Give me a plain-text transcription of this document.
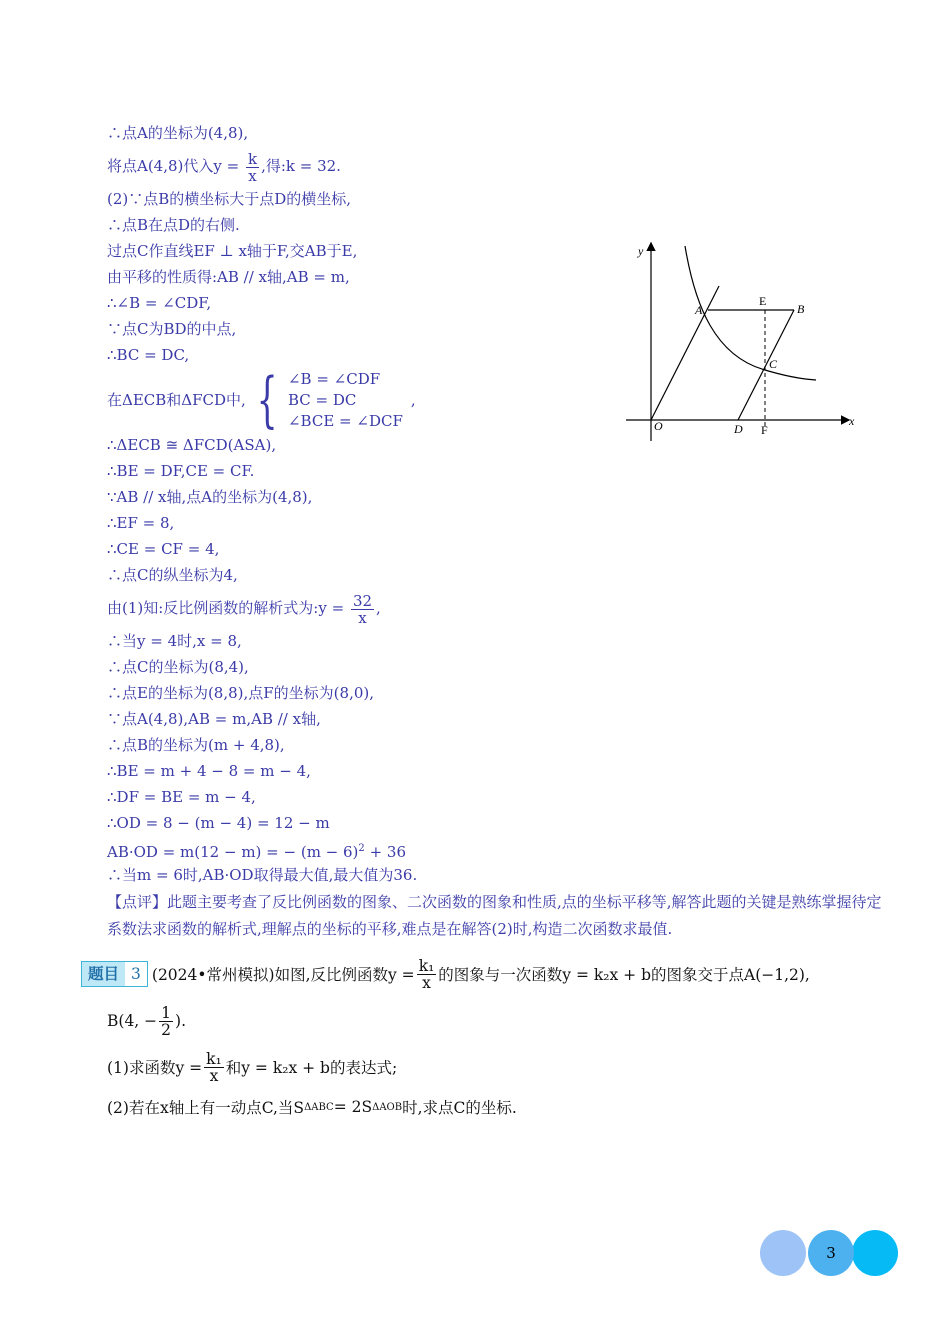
∴点A的坐标为(4,8),
将点A(4,8)代入$y = \frac{k}{x}$ ,得:k = 32.
(2)∵点B的横坐标大于点D的横坐标,
∴点B在点D的右侧.
过点C作直线EF ⊥ x轴于F,交AB于E,
由平移的性质得:AB // x轴,AB = m,
∴∠B = ∠CDF,
∵点C为BD的中点,
∴BC = DC,
在ΔECB和ΔFCD中, { ∠B = ∠CDF
BC = DC
∠BCE = ∠DCF
,
∴ΔECB ≅ ΔFCD(ASA),
∴BE = DF,CE = CF.
∵AB // x轴,点A的坐标为(4,8),
∴EF = 8,
∴CE = CF = 4,
∴点C的纵坐标为4,
由(1)知:反比例函数的解析式为:y = $\frac{32}{x}$ ,
∴当y = 4时,x = 8,
∴点C的坐标为(8,4),
∴点E的坐标为(8,8),点F的坐标为(8,0),
∵点A(4,8),AB = m,AB // x轴,
∴点B的坐标为(m + 4,8),
∴BE = m + 4 − 8 = m − 4,
∴DF = BE = m − 4,
∴OD = 8 − (m − 4) = 12 − m
AB·OD = m(12 − m) = − $(m - 6)^2 + 36$
∴当m = 6时,AB·OD取得最大值,最大值为36.
【点评】此题主要考查了反比例函数的图象、二次函数的图象和性质,点的坐标平移等,解答此题的关键是熟练掌握待定系数法求函数的解析式,理解点的坐标的平移,难点是在解答(2)时,构造二次函数求最值.
题目 3 (2024•常州模拟)如图,反比例函数$y = \frac{\text{k₁}}{x}$ 的图象与一次函数y = k₂x + b的图象交于点A(−1,2),
B(4, − $\frac{1}{2}$ ).
(1)求函数$y = \frac{\text{k₁}}{x}$ 和y = k₂x + b的表达式;
(2)若在x轴上有一动点C,当S ΔABC = 2S ΔAOB 时,求点C的坐标.
y
x
O
A
E
B
C
D F
3
